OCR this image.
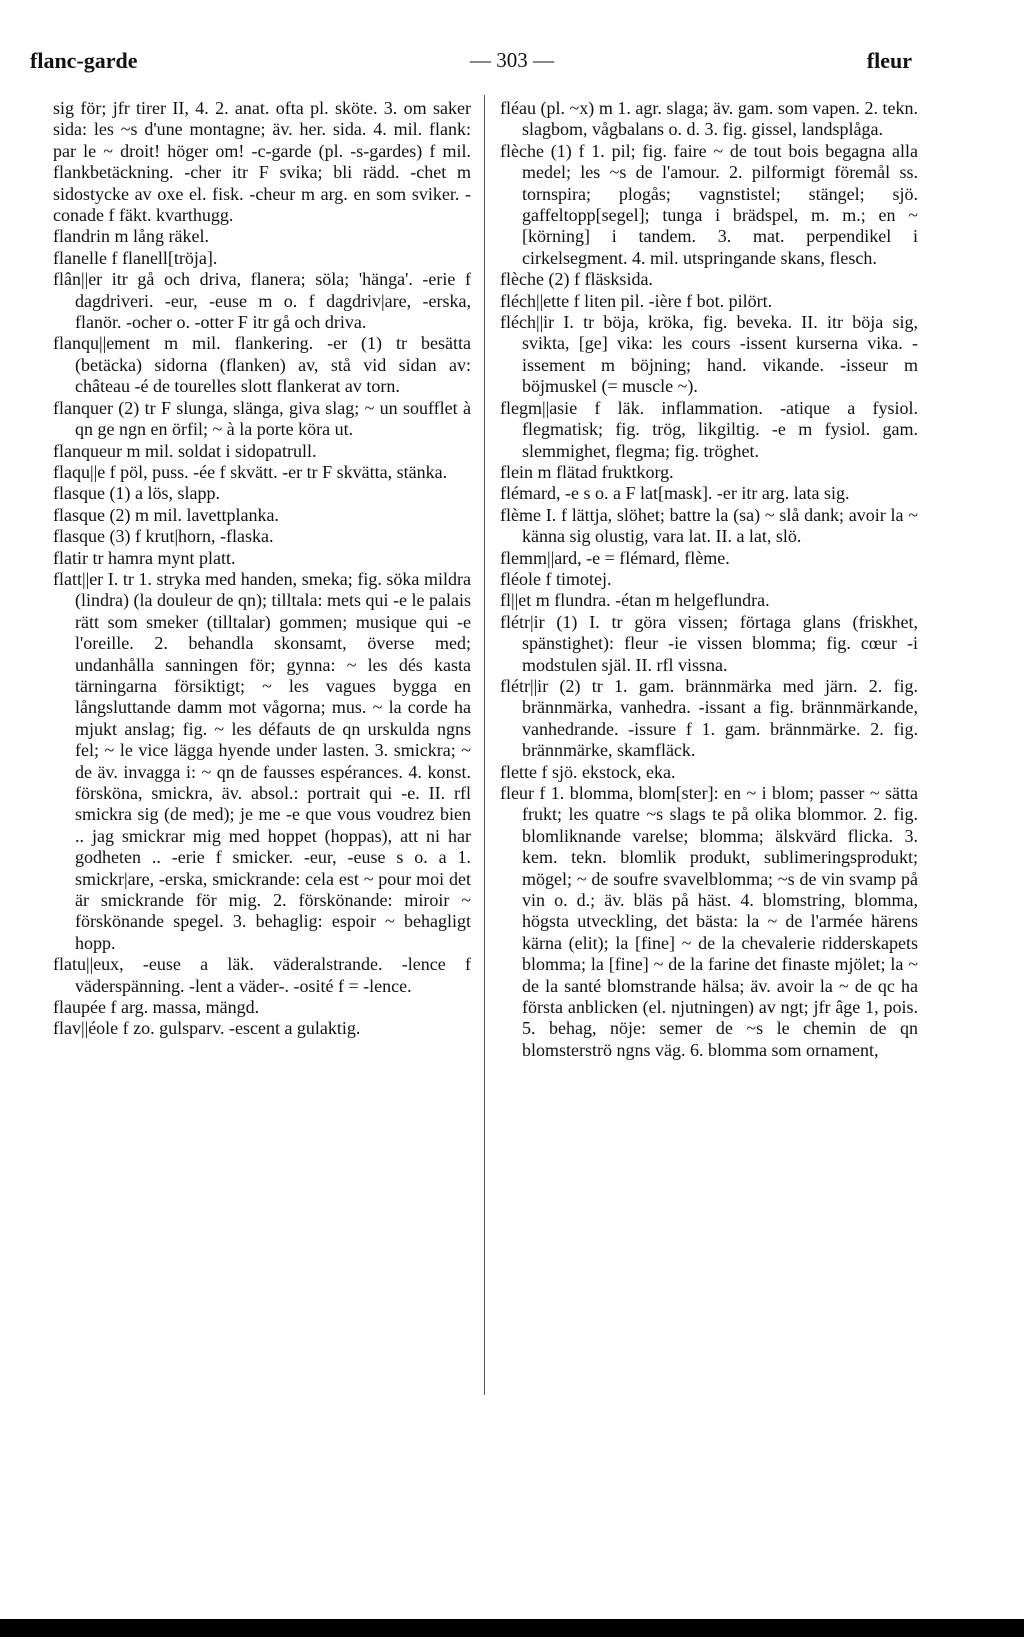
flanc-garde	— 303 —	fleur

sig för; jfr tirer II, 4. 2. anat. ofta pl. sköte. 3. om saker sida: les ~s d'une montagne; äv. her. sida. 4. mil. flank: par le ~ droit! höger om! -c-garde (pl. -s-gardes) f mil. flankbetäckning. -cher itr F svika; bli rädd. -chet m sidostycke av oxe el. fisk. -cheur m arg. en som sviker. -conade f fäkt. kvarthugg.

flandrin m lång räkel.

flanelle f flanell[tröja].

flân||er itr gå och driva, flanera; söla; 'hänga'. -erie f dagdriveri. -eur, -euse m o. f dagdriv|are, -erska, flanör. -ocher o. -otter F itr gå och driva.

flanqu||ement m mil. flankering. -er (1) tr besätta (betäcka) sidorna (flanken) av, stå vid sidan av: château -é de tourelles slott flankerat av torn.

flanquer (2) tr F slunga, slänga, giva slag; ~ un soufflet à qn ge ngn en örfil; ~ à la porte köra ut.

flanqueur m mil. soldat i sidopatrull.

flaqu||e f pöl, puss. -ée f skvätt. -er tr F skvätta, stänka.

flasque (1) a lös, slapp.

flasque (2) m mil. lavettplanka.

flasque (3) f krut|horn, -flaska.

flatir tr hamra mynt platt.

flatt||er I. tr 1. stryka med handen, smeka; fig. söka mildra (lindra) (la douleur de qn); tilltala: mets qui -e le palais rätt som smeker (tilltalar) gommen; musique qui -e l'oreille. 2. behandla skonsamt, överse med; undanhålla sanningen för; gynna: ~ les dés kasta tärningarna försiktigt; ~ les vagues bygga en långsluttande damm mot vågorna; mus. ~ la corde ha mjukt anslag; fig. ~ les défauts de qn urskulda ngns fel; ~ le vice lägga hyende under lasten. 3. smickra; ~ de äv. invagga i: ~ qn de fausses espérances. 4. konst. försköna, smickra, äv. absol.: portrait qui -e. II. rfl smickra sig (de med); je me -e que vous voudrez bien .. jag smickrar mig med hoppet (hoppas), att ni har godheten .. -erie f smicker. -eur, -euse s o. a 1. smickr|are, -erska, smickrande: cela est ~ pour moi det är smickrande för mig. 2. förskönande: miroir ~ förskönande spegel. 3. behaglig: espoir ~ behagligt hopp.

flatu||eux, -euse a läk. väderalstrande. -lence f väderspänning. -lent a väder-. -osité f = -lence.

flaupée f arg. massa, mängd.

flav||éole f zo. gulsparv. -escent a gulaktig.

fléau (pl. ~x) m 1. agr. slaga; äv. gam. som vapen. 2. tekn. slagbom, vågbalans o. d. 3. fig. gissel, landsplåga.

flèche (1) f 1. pil; fig. faire ~ de tout bois begagna alla medel; les ~s de l'amour. 2. pilformigt föremål ss. tornspira; plogås; vagnstistel; stängel; sjö. gaffeltopp[segel]; tunga i brädspel, m. m.; en ~ [körning] i tandem. 3. mat. perpendikel i cirkelsegment. 4. mil. utspringande skans, flesch.

flèche (2) f fläsksida.

fléch||ette f liten pil. -ière f bot. pilört.

fléch||ir I. tr böja, kröka, fig. beveka. II. itr böja sig, svikta, [ge] vika: les cours -issent kurserna vika. -issement m böjning; hand. vikande. -isseur m böjmuskel (= muscle ~).

flegm||asie f läk. inflammation. -atique a fysiol. flegmatisk; fig. trög, likgiltig. -e m fysiol. gam. slemmighet, flegma; fig. tröghet.

flein m flätad fruktkorg.

flémard, -e s o. a F lat[mask]. -er itr arg. lata sig.

flème I. f lättja, slöhet; battre la (sa) ~ slå dank; avoir la ~ känna sig olustig, vara lat. II. a lat, slö.

flemm||ard, -e = flémard, flème.

fléole f timotej.

fl||et m flundra. -étan m helgeflundra.

flétr|ir (1) I. tr göra vissen; förtaga glans (friskhet, spänstighet): fleur -ie vissen blomma; fig. cœur -i modstulen själ. II. rfl vissna.

flétr||ir (2) tr 1. gam. brännmärka med järn. 2. fig. brännmärka, vanhedra. -issant a fig. brännmärkande, vanhedrande. -issure f 1. gam. brännmärke. 2. fig. brännmärke, skamfläck.

flette f sjö. ekstock, eka.

fleur f 1. blomma, blom[ster]: en ~ i blom; passer ~ sätta frukt; les quatre ~s slags te på olika blommor. 2. fig. blomliknande varelse; blomma; älskvärd flicka. 3. kem. tekn. blomlik produkt, sublimeringsprodukt; mögel; ~ de soufre svavelblomma; ~s de vin svamp på vin o. d.; äv. bläs på häst. 4. blomstring, blomma, högsta utveckling, det bästa: la ~ de l'armée härens kärna (elit); la [fine] ~ de la chevalerie ridderskapets blomma; la [fine] ~ de la farine det finaste mjölet; la ~ de la santé blomstrande hälsa; äv. avoir la ~ de qc ha första anblicken (el. njutningen) av ngt; jfr âge 1, pois. 5. behag, nöje: semer de ~s le chemin de qn blomsterströ ngns väg. 6. blomma som ornament,
